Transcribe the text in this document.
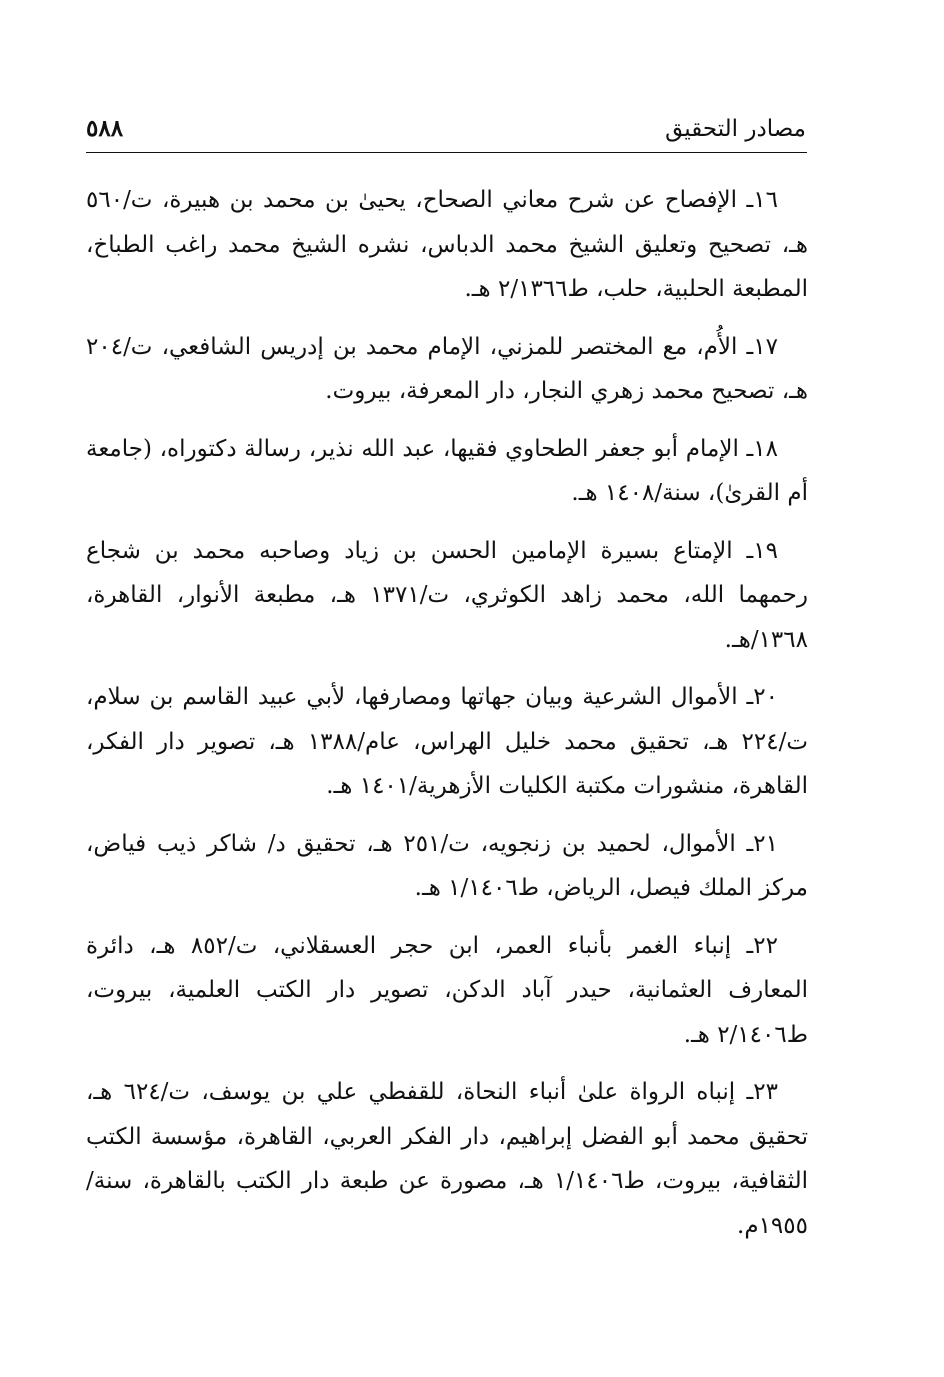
مصادر التحقيق
٥٨٨

١٦ـ الإفصاح عن شرح معاني الصحاح، يحيىٰ بن محمد بن هبيرة، ت/٥٦٠ هـ، تصحيح وتعليق الشيخ محمد الدباس، نشره الشيخ محمد راغب الطباخ، المطبعة الحلبية، حلب، ط٢/١٣٦٦ هـ.

١٧ـ الأُم، مع المختصر للمزني، الإمام محمد بن إدريس الشافعي، ت/٢٠٤ هـ، تصحيح محمد زهري النجار، دار المعرفة، بيروت.

١٨ـ الإمام أبو جعفر الطحاوي فقيها، عبد الله نذير، رسالة دكتوراه، (جامعة أم القرىٰ)، سنة/١٤٠٨ هـ.

١٩ـ الإمتاع بسيرة الإمامين الحسن بن زياد وصاحبه محمد بن شجاع رحمهما الله، محمد زاهد الكوثري، ت/١٣٧١ هـ، مطبعة الأنوار، القاهرة، ١٣٦٨/هـ.

٢٠ـ الأموال الشرعية وبيان جهاتها ومصارفها، لأبي عبيد القاسم بن سلام، ت/٢٢٤ هـ، تحقيق محمد خليل الهراس، عام/١٣٨٨ هـ، تصوير دار الفكر، القاهرة، منشورات مكتبة الكليات الأزهرية/١٤٠١ هـ.

٢١ـ الأموال، لحميد بن زنجويه، ت/٢٥١ هـ، تحقيق د/ شاكر ذيب فياض، مركز الملك فيصل، الرياض، ط١/١٤٠٦ هـ.

٢٢ـ إنباء الغمر بأنباء العمر، ابن حجر العسقلاني، ت/٨٥٢ هـ، دائرة المعارف العثمانية، حيدر آباد الدكن، تصوير دار الكتب العلمية، بيروت، ط٢/١٤٠٦ هـ.

٢٣ـ إنباه الرواة علىٰ أنباء النحاة، للقفطي علي بن يوسف، ت/٦٢٤ هـ، تحقيق محمد أبو الفضل إبراهيم، دار الفكر العربي، القاهرة، مؤسسة الكتب الثقافية، بيروت، ط١/١٤٠٦ هـ، مصورة عن طبعة دار الكتب بالقاهرة، سنة/١٩٥٥م.
